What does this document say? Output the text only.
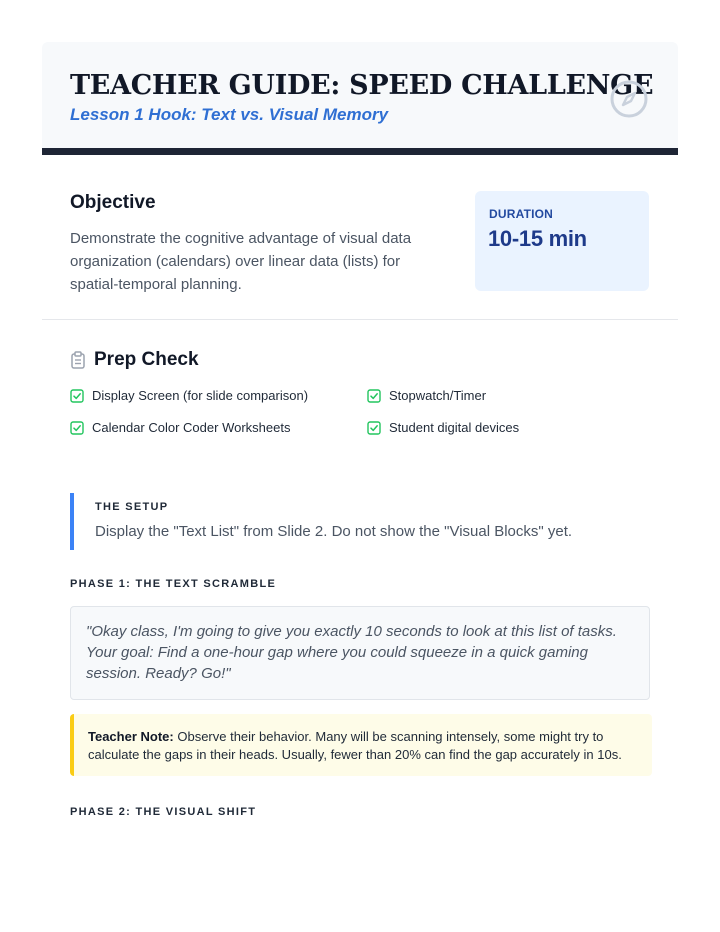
TEACHER GUIDE: SPEED CHALLENGE

Lesson 1 Hook: Text vs. Visual Memory

Objective

Demonstrate the cognitive advantage of visual data organization (calendars) over linear data (lists) for spatial-temporal planning.

DURATION
10-15 min
Prep Check
Display Screen (for slide comparison)	Stopwatch/Timer
Calendar Color Coder Worksheets	Student digital devices
THE SETUP
Display the "Text List" from Slide 2. Do not show the "Visual Blocks" yet.
PHASE 1: THE TEXT SCRAMBLE

"Okay class, I'm going to give you exactly 10 seconds to look at this list of tasks. Your goal: Find a one-hour gap where you could squeeze in a quick gaming session. Ready? Go!"

Teacher Note: Observe their behavior. Many will be scanning intensely, some might try to calculate the gaps in their heads. Usually, fewer than 20% can find the gap accurately in 10s.

PHASE 2: THE VISUAL SHIFT
